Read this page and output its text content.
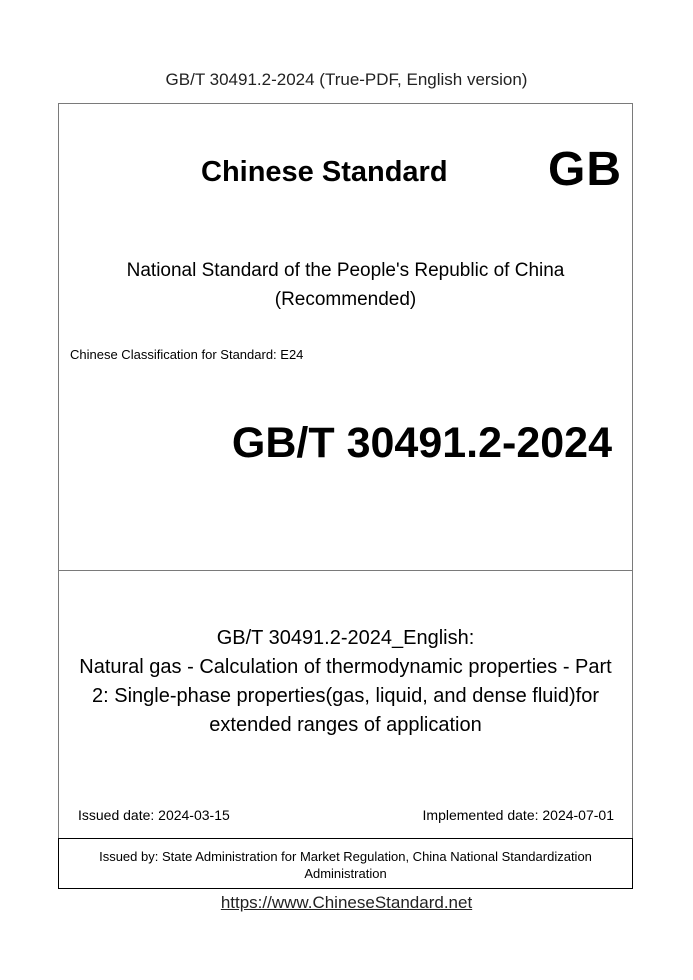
GB/T 30491.2-2024 (True-PDF, English version)
Chinese Standard GB
National Standard of the People's Republic of China
(Recommended)
Chinese Classification for Standard: E24
GB/T 30491.2-2024
GB/T 30491.2-2024_English:
Natural gas - Calculation of thermodynamic properties - Part
2: Single-phase properties(gas, liquid, and dense fluid)for
extended ranges of application
Issued date: 2024-03-15	Implemented date: 2024-07-01
Issued by: State Administration for Market Regulation, China National Standardization
Administration
https://www.ChineseStandard.net
